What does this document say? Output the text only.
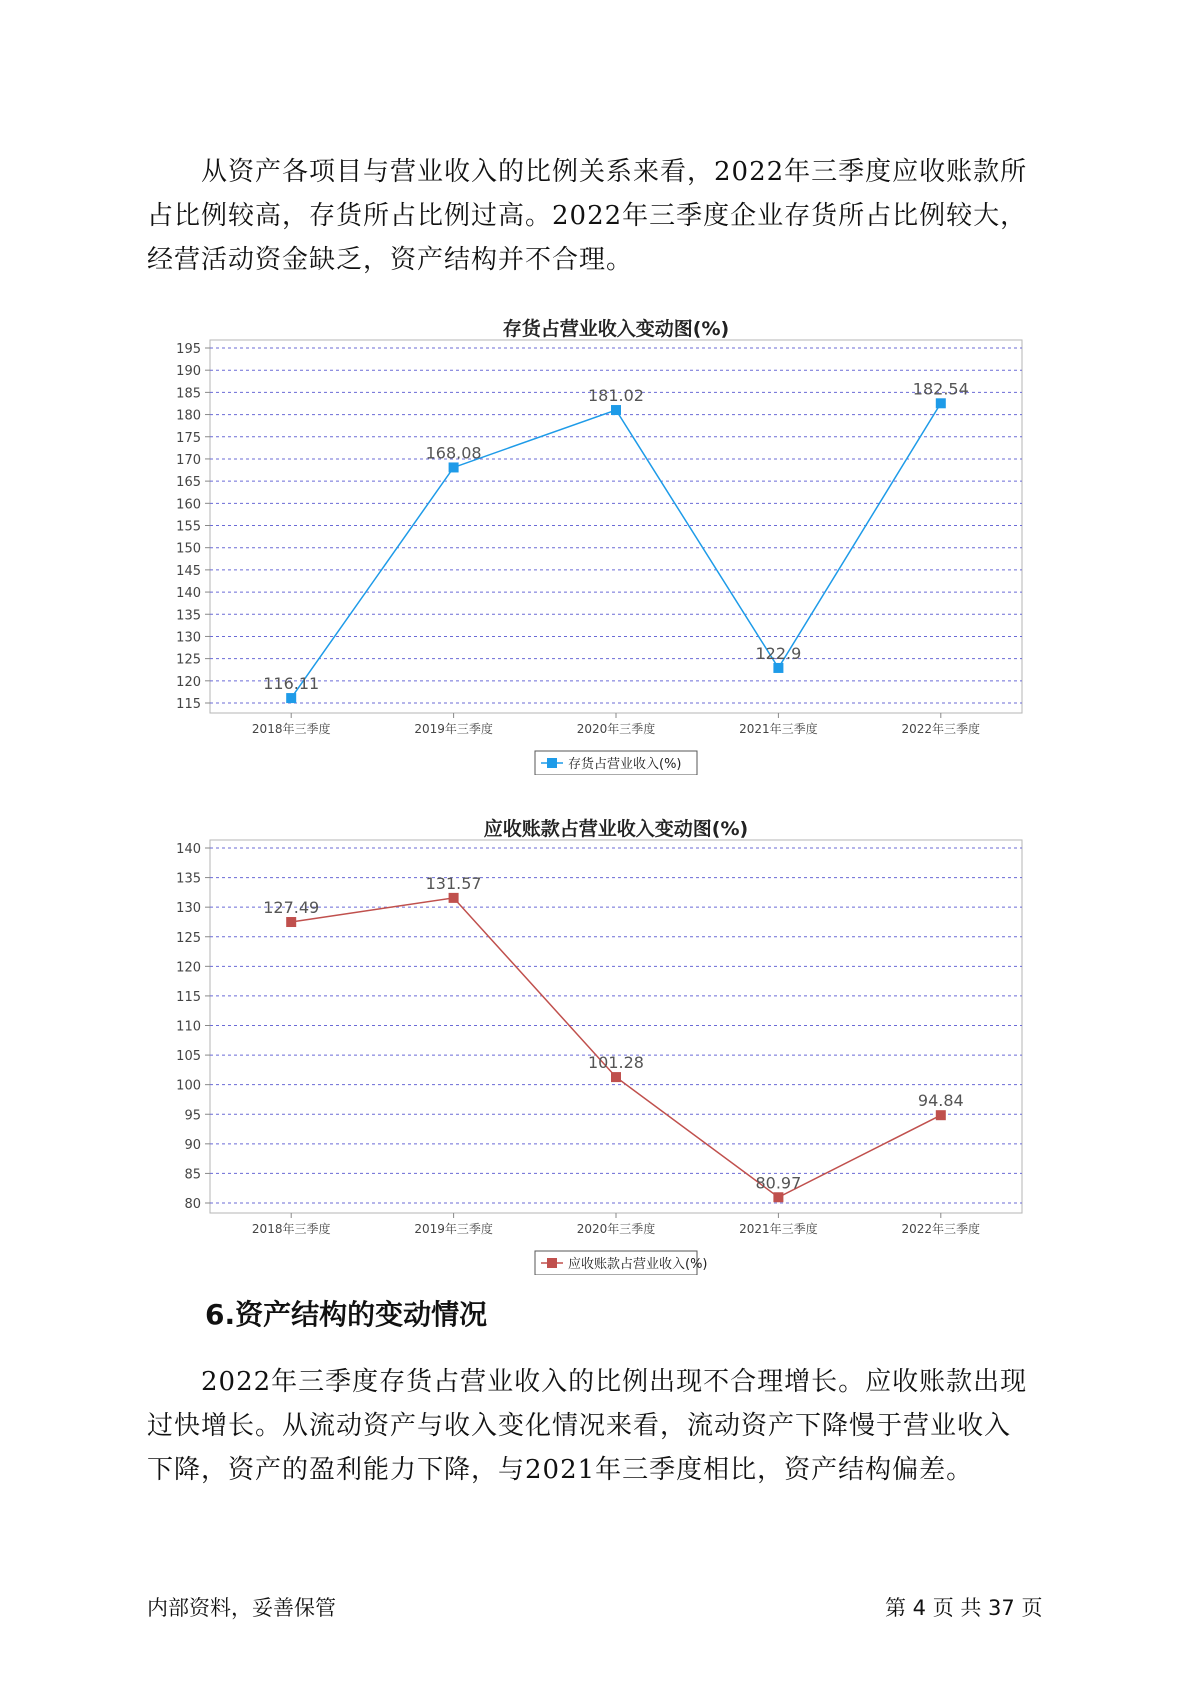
从资产各项目与营业收入的比例关系来看，2022年三季度应收账款所
占比例较高，存货所占比例过高。2022年三季度企业存货所占比例较大，
经营活动资金缺乏，资产结构并不合理。
存货占营业收入变动图(%)
115
120
125
130
135
140
145
150
155
160
165
170
175
180
185
190
195
2018年三季度	2019年三季度	2020年三季度	2021年三季度	2022年三季度
116.11
168.08
181.02
122.9
182.54
存货占营业收入(%)
应收账款占营业收入变动图(%)
80
85
90
95
100
105
110
115
120
125
130
135
140
2018年三季度	2019年三季度	2020年三季度	2021年三季度	2022年三季度
127.49
131.57
101.28
80.97
94.84
应收账款占营业收入(%)
6.资产结构的变动情况
2022年三季度存货占营业收入的比例出现不合理增长。应收账款出现
过快增长。从流动资产与收入变化情况来看，流动资产下降慢于营业收入
下降，资产的盈利能力下降，与2021年三季度相比，资产结构偏差。
内部资料，妥善保管	第 4 页 共 37 页
